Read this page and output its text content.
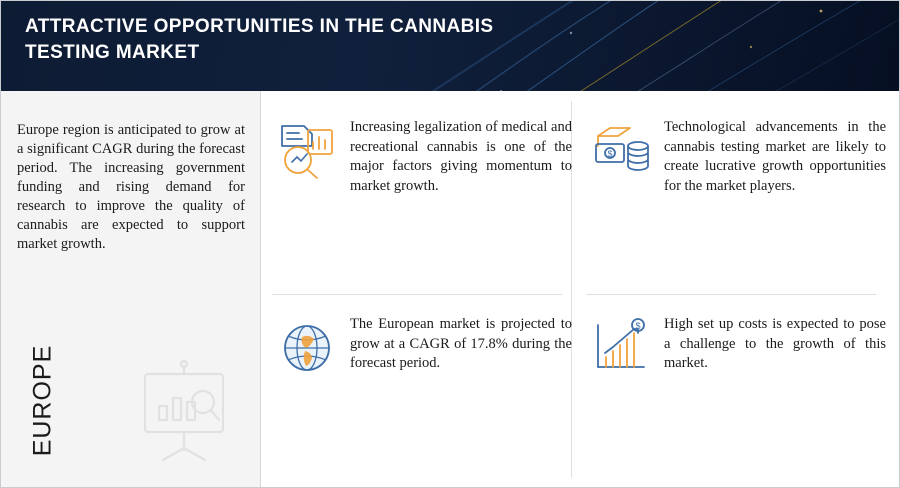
ATTRACTIVE OPPORTUNITIES IN THE CANNABIS TESTING MARKET
Europe region is anticipated to grow at a significant CAGR during the forecast period. The increasing government funding and rising demand for research to improve the quality of cannabis are expected to support market growth.
EUROPE
Increasing legalization of medical and recreational cannabis is one of the major factors giving momentum to market growth.
$
Technological advancements in the cannabis testing market are likely to create lucrative growth opportunities for the market players.
The European market is projected to grow at a CAGR of 17.8% during the forecast period.
$ High set up costs is expected to pose a challenge to the growth of this market.
